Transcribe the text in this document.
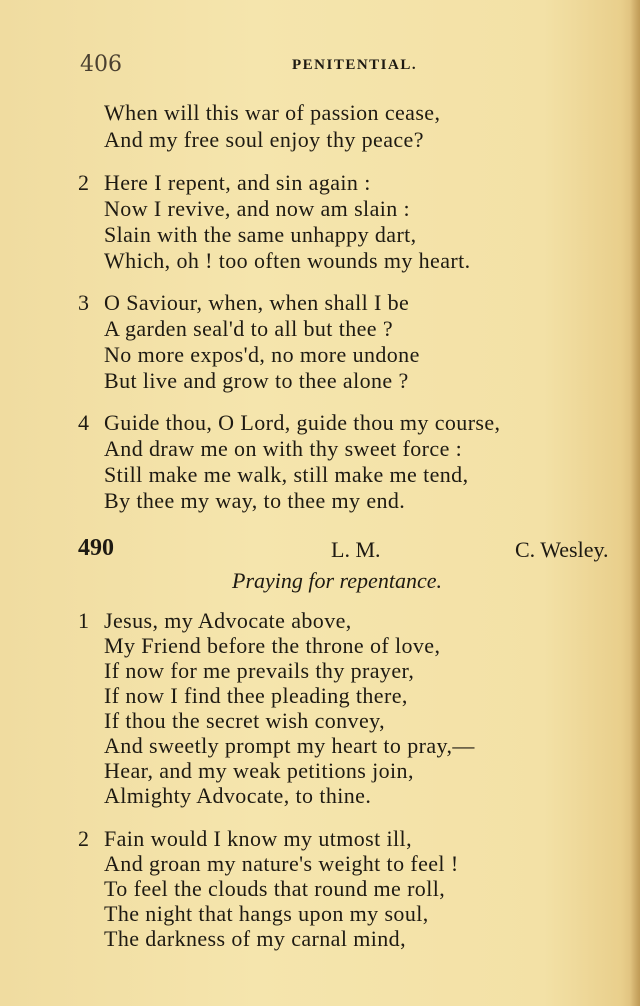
406	PENITENTIAL.
When will this war of passion cease,
And my free soul enjoy thy peace?
2 Here I repent, and sin again :
Now I revive, and now am slain :
Slain with the same unhappy dart,
Which, oh ! too often wounds my heart.
3 O Saviour, when, when shall I be
A garden seal'd to all but thee ?
No more expos'd, no more undone
But live and grow to thee alone ?
4 Guide thou, O Lord, guide thou my course,
And draw me on with thy sweet force :
Still make me walk, still make me tend,
By thee my way, to thee my end.
490	L. M.	C. Wesley.
Praying for repentance.
1 Jesus, my Advocate above,
My Friend before the throne of love,
If now for me prevails thy prayer,
If now I find thee pleading there,
If thou the secret wish convey,
And sweetly prompt my heart to pray,—
Hear, and my weak petitions join,
Almighty Advocate, to thine.
2 Fain would I know my utmost ill,
And groan my nature's weight to feel !
To feel the clouds that round me roll,
The night that hangs upon my soul,
The darkness of my carnal mind,
